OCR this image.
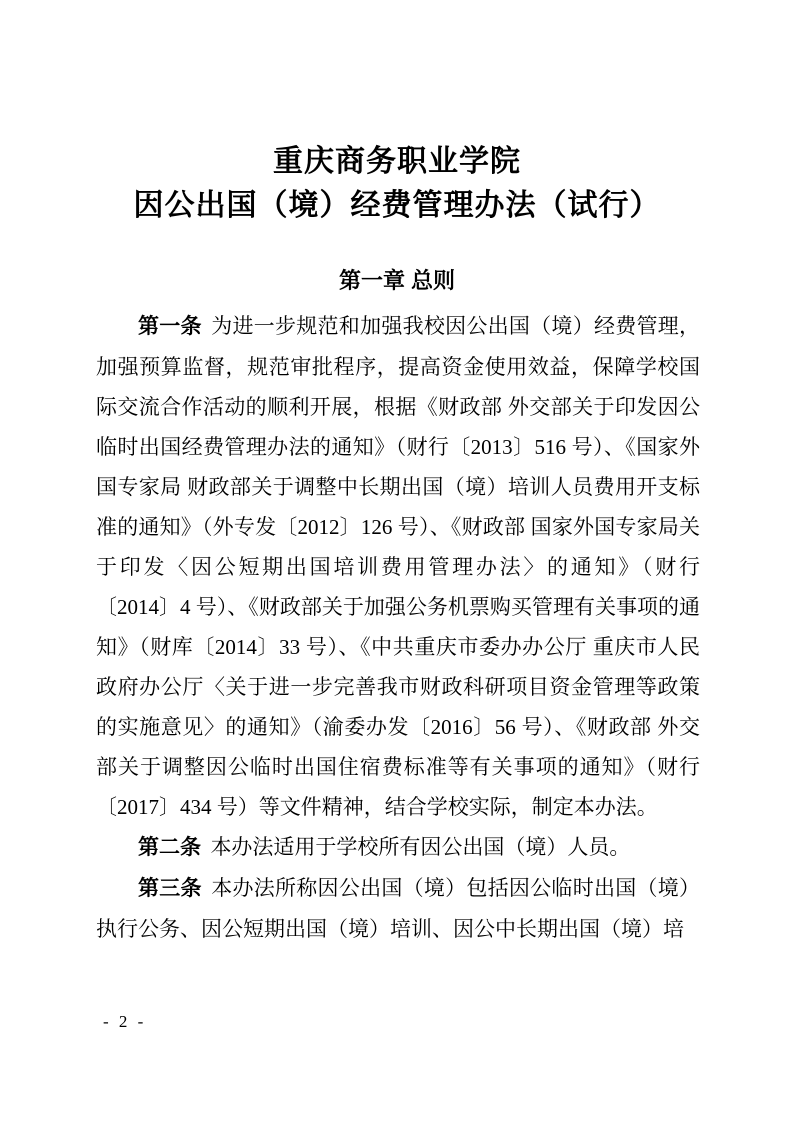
重庆商务职业学院
因公出国（境）经费管理办法（试行）
第一章 总则

第一条 为进一步规范和加强我校因公出国（境）经费管理，加强预算监督，规范审批程序，提高资金使用效益，保障学校国际交流合作活动的顺利开展，根据《财政部 外交部关于印发因公临时出国经费管理办法的通知》（财行〔2013〕516 号）、《国家外国专家局 财政部关于调整中长期出国（境）培训人员费用开支标准的通知》（外专发〔2012〕126 号）、《财政部 国家外国专家局关于印发〈因公短期出国培训费用管理办法〉的通知》（财行〔2014〕4 号）、《财政部关于加强公务机票购买管理有关事项的通知》（财库〔2014〕33 号）、《中共重庆市委办办公厅 重庆市人民政府办公厅〈关于进一步完善我市财政科研项目资金管理等政策的实施意见〉的通知》（渝委办发〔2016〕56 号）、《财政部 外交部关于调整因公临时出国住宿费标准等有关事项的通知》（财行〔2017〕434 号）等文件精神，结合学校实际，制定本办法。

第二条 本办法适用于学校所有因公出国（境）人员。

第三条 本办法所称因公出国（境）包括因公临时出国（境）执行公务、因公短期出国（境）培训、因公中长期出国（境）培

- 2 -
